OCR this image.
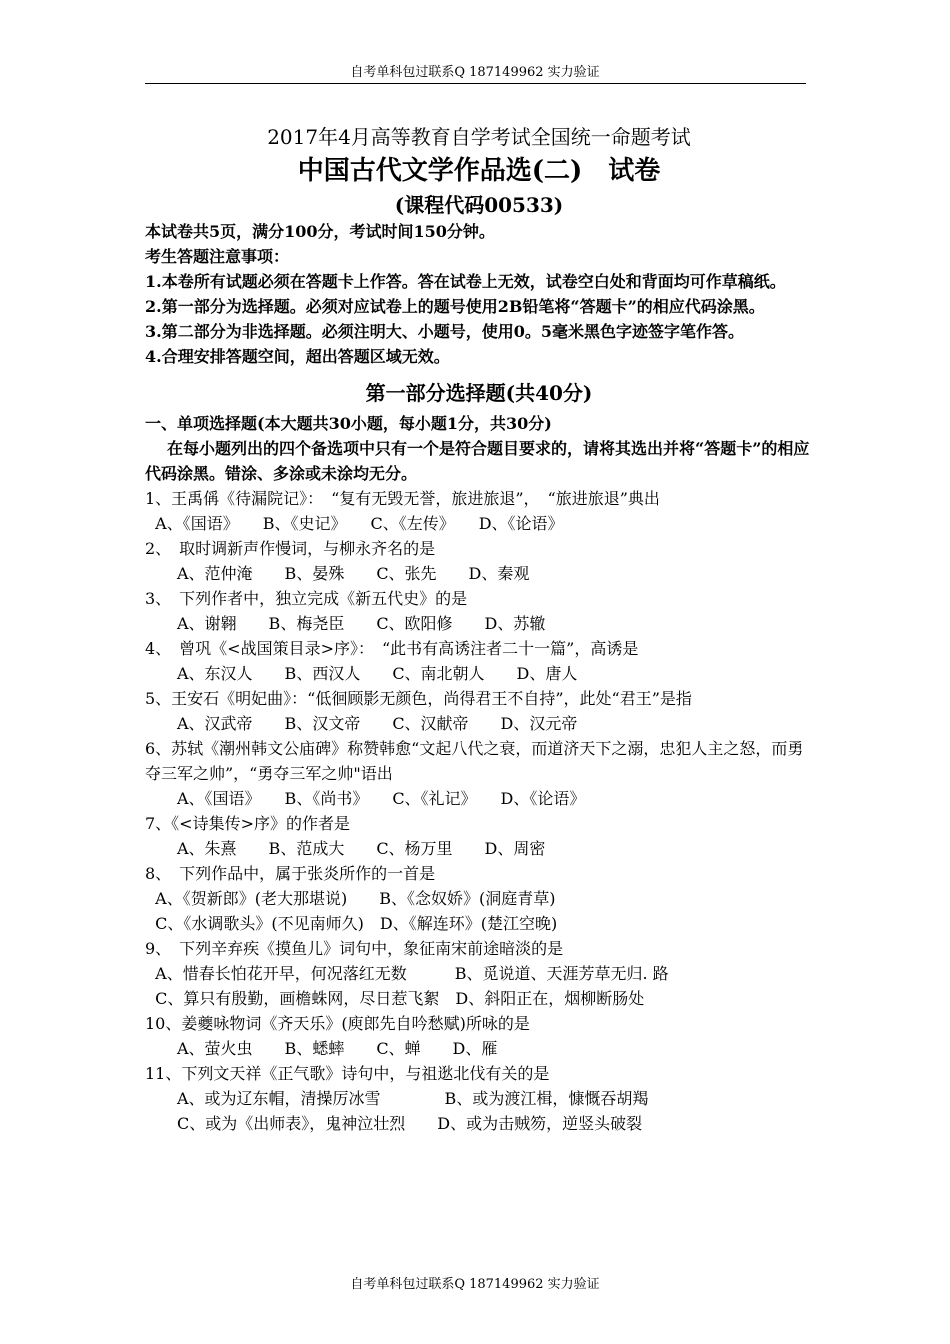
自考单科包过联系Q 187149962 实力验证
2017年4月高等教育自学考试全国统一命题考试
中国古代文学作品选(二)　试卷
(课程代码00533)
本试卷共5页，满分100分，考试时间150分钟。
考生答题注意事项：
1.本卷所有试题必须在答题卡上作答。答在试卷上无效，试卷空白处和背面均可作草稿纸。
2.第一部分为选择题。必须对应试卷上的题号使用2B铅笔将“答题卡”的相应代码涂黑。
3.第二部分为非选择题。必须注明大、小题号，使用0。5毫米黑色字迹签字笔作答。
4.合理安排答题空间，超出答题区域无效。
第一部分选择题(共40分)
一、单项选择题(本大题共30小题，每小题1分，共30分)
在每小题列出的四个备选项中只有一个是符合题目要求的，请将其选出并将“答题卡”的相应代码涂黑。错涂、多涂或未涂均无分。
1、王禹偁《待漏院记》：　“复有无毁无誉，旅进旅退”，　“旅进旅退”典出
A、《国语》　　B、《史记》　　C、《左传》　　D、《论语》
2、　取时调新声作慢词，与柳永齐名的是
　　A、范仲淹　　B、晏殊　　C、张先　　D、秦观
3、　下列作者中，独立完成《新五代史》的是
　　A、谢翱　　B、梅尧臣　　C、欧阳修　　D、苏辙
4、　曾巩《<战国策目录>序》：　“此书有高诱注者二十一篇”，高诱是
　　A、东汉人　　B、西汉人　　C、南北朝人　　D、唐人
5、王安石《明妃曲》：“低徊顾影无颜色，尚得君王不自持”，此处“君王”是指
　　A、汉武帝　　B、汉文帝　　C、汉献帝　　D、汉元帝
6、苏轼《潮州韩文公庙碑》称赞韩愈“文起八代之衰，而道济天下之溺，忠犯人主之怒，而勇夺三军之帅”，“勇夺三军之帅"语出
　　A、《国语》　　B、《尚书》　　C、《礼记》　　D、《论语》
7、《<诗集传>序》的作者是
　　A、朱熹　　B、范成大　　C、杨万里　　D、周密
8、　下列作品中，属于张炎所作的一首是
A、《贺新郎》(老大那堪说)　　B、《念奴娇》(洞庭青草)
C、《水调歌头》(不见南师久)　D、《解连环》(楚江空晚)
9、　下列辛弃疾《摸鱼儿》词句中，象征南宋前途暗淡的是
A、惜春长怕花开早，何况落红无数　　　B、觅说道、天涯芳草无归. 路
C、算只有殷勤，画檐蛛网，尽日惹飞絮　D、斜阳正在，烟柳断肠处
10、姜夔咏物词《齐天乐》(庾郎先自吟愁赋)所咏的是
　　A、萤火虫　　B、蟋蟀　　C、蝉　　D、雁
11、下列文天祥《正气歌》诗句中，与祖逖北伐有关的是
　　A、或为辽东帽，清操厉冰雪　　　　B、或为渡江楫，慷慨吞胡羯
　　C、或为《出师表》，鬼神泣壮烈　　D、或为击贼笏，逆竖头破裂
自考单科包过联系Q 187149962 实力验证
